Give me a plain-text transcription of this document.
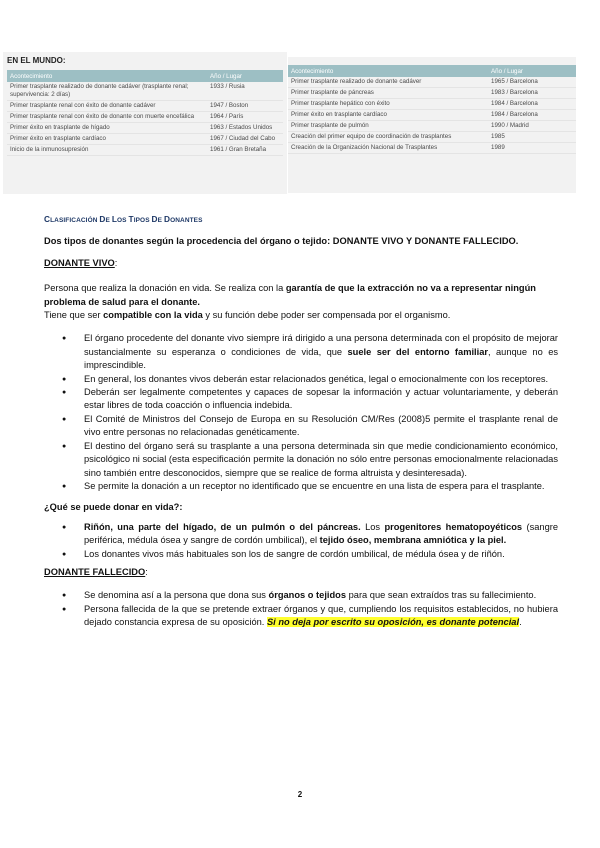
EN EL MUNDO:
Acontecimiento	Año / Lugar
Primer trasplante realizado de donante cadáver (trasplante renal; supervivencia: 2 días)	1933 / Rusia
Primer trasplante renal con éxito de donante cadáver	1947 / Boston
Primer trasplante renal con éxito de donante con muerte encefálica	1964 / París
Primer éxito en trasplante de hígado	1963 / Estados Unidos
Primer éxito en trasplante cardíaco	1967 / Ciudad del Cabo
Inicio de la inmunosupresión	1961 / Gran Bretaña
Acontecimiento	Año / Lugar
Primer trasplante realizado de donante cadáver	1965 / Barcelona
Primer trasplante de páncreas	1983 / Barcelona
Primer trasplante hepático con éxito	1984 / Barcelona
Primer éxito en trasplante cardíaco	1984 / Barcelona
Primer trasplante de pulmón	1990 / Madrid
Creación del primer equipo de coordinación de trasplantes	1985
Creación de la Organización Nacional de Trasplantes	1989
CLASIFICACIÓN DE LOS TIPOS DE DONANTES

Dos tipos de donantes según la procedencia del órgano o tejido: DONANTE VIVO Y DONANTE FALLECIDO.

DONANTE VIVO:

Persona que realiza la donación en vida. Se realiza con la garantía de que la extracción no va a representar ningún problema de salud para el donante.

Tiene que ser compatible con la vida y su función debe poder ser compensada por el organismo.

● El órgano procedente del donante vivo siempre irá dirigido a una persona determinada con el propósito de mejorar sustancialmente su esperanza o condiciones de vida, que suele ser del entorno familiar, aunque no es imprescindible.
● En general, los donantes vivos deberán estar relacionados genética, legal o emocionalmente con los receptores.
● Deberán ser legalmente competentes y capaces de sopesar la información y actuar voluntariamente, y deberán estar libres de toda coacción o influencia indebida.
● El Comité de Ministros del Consejo de Europa en su Resolución CM/Res (2008)5 permite el trasplante renal de vivo entre personas no relacionadas genéticamente.
● El destino del órgano será su trasplante a una persona determinada sin que medie condicionamiento económico, psicológico ni social (esta especificación permite la donación no sólo entre personas emocionalmente relacionadas sino también entre desconocidos, siempre que se realice de forma altruista y desinteresada).
● Se permite la donación a un receptor no identificado que se encuentre en una lista de espera para el trasplante.

¿Qué se puede donar en vida?:

● Riñón, una parte del hígado, de un pulmón o del páncreas. Los progenitores hematopoyéticos (sangre periférica, médula ósea y sangre de cordón umbilical), el tejido óseo, membrana amniótica y la piel.
● Los donantes vivos más habituales son los de sangre de cordón umbilical, de médula ósea y de riñón.

DONANTE FALLECIDO:

● Se denomina así a la persona que dona sus órganos o tejidos para que sean extraídos tras su fallecimiento.
● Persona fallecida de la que se pretende extraer órganos y que, cumpliendo los requisitos establecidos, no hubiera dejado constancia expresa de su oposición. Si no deja por escrito su oposición, es donante potencial.
2
